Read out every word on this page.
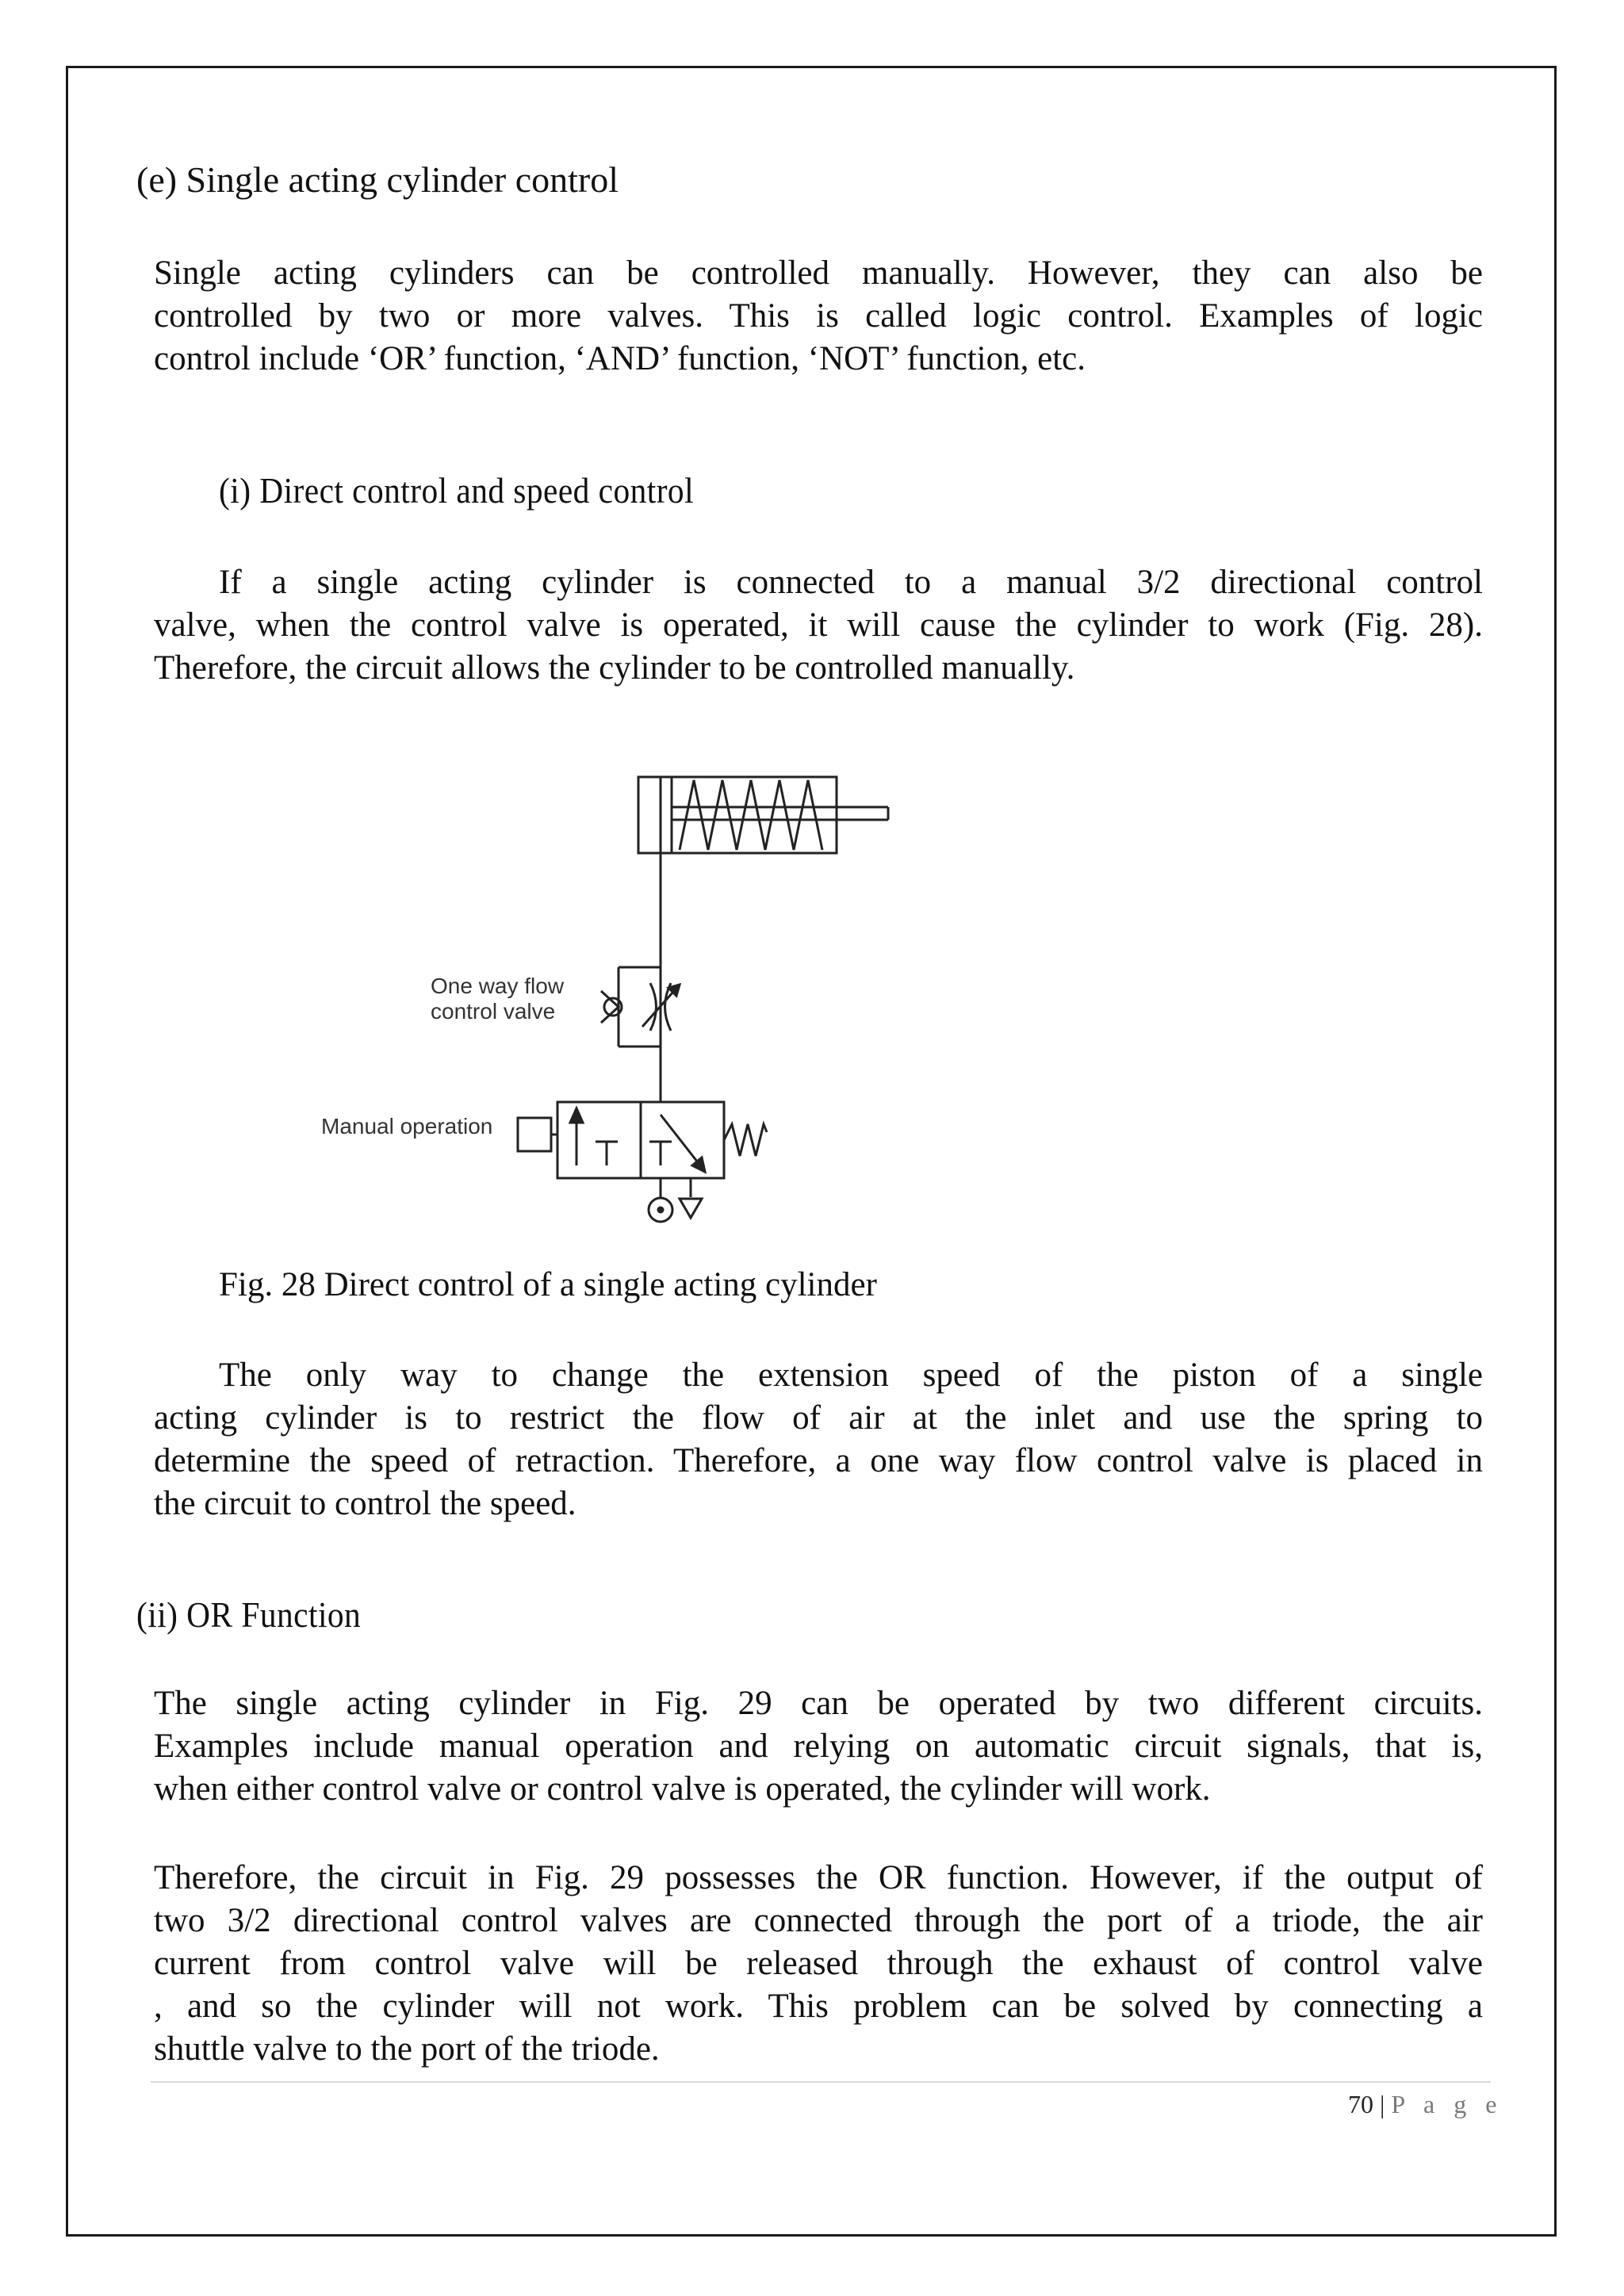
(e) Single acting cylinder control
Single acting cylinders can be controlled manually. However, they can also be
controlled by two or more valves. This is called logic control. Examples of logic
control include ‘OR’ function, ‘AND’ function, ‘NOT’ function, etc.
(i) Direct control and speed control
If a single acting cylinder is connected to a manual 3/2 directional control
valve, when the control valve is operated, it will cause the cylinder to work (Fig. 28).
Therefore, the circuit allows the cylinder to be controlled manually.
One way flow
control valve
Manual operation
Fig. 28 Direct control of a single acting cylinder
The only way to change the extension speed of the piston of a single
acting cylinder is to restrict the flow of air at the inlet and use the spring to
determine the speed of retraction. Therefore, a one way flow control valve is placed in
the circuit to control the speed.
(ii) OR Function
The single acting cylinder in Fig. 29 can be operated by two different circuits.
Examples include manual operation and relying on automatic circuit signals, that is,
when either control valve or control valve is operated, the cylinder will work.
Therefore, the circuit in Fig. 29 possesses the OR function. However, if the output of
two 3/2 directional control valves are connected through the port of a triode, the air
current from control valve will be released through the exhaust of control valve
, and so the cylinder will not work. This problem can be solved by connecting a
shuttle valve to the port of the triode.
70 | P a g e
